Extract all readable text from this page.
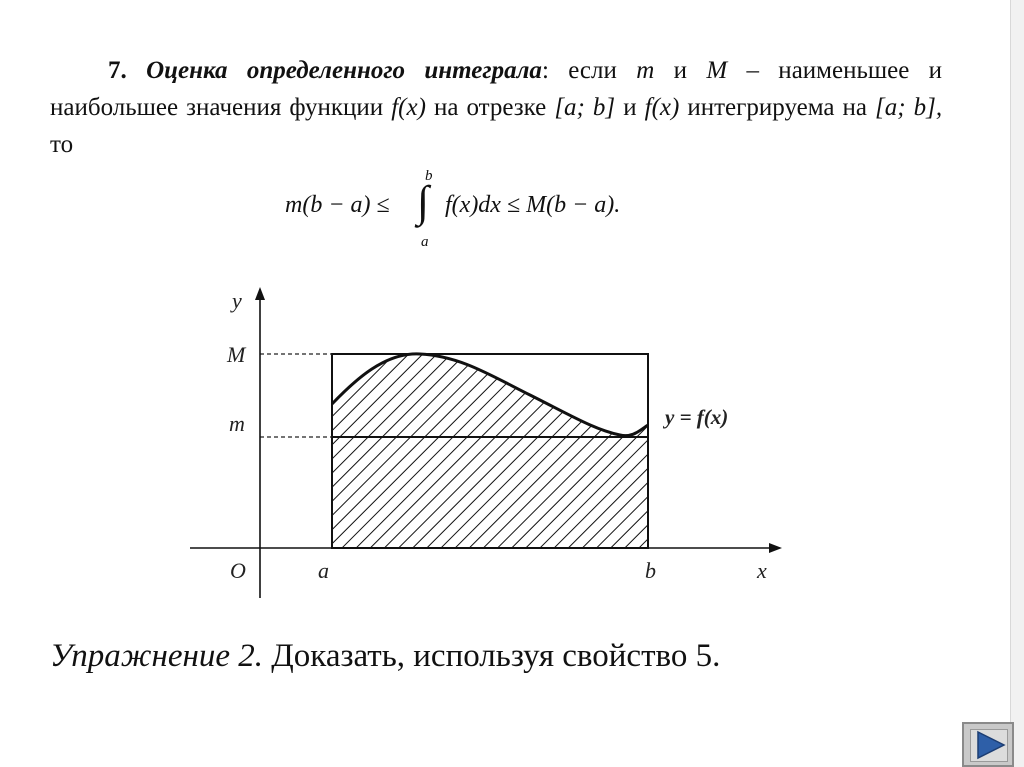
7. Оценка определенного интеграла: если m и M – наименьшее и наибольшее значения функции f(x) на отрезке [a; b] и f(x) интегрируема на [a; b], то
m(b − a) ≤
b
∫
a
f(x)dx ≤ M(b − a).
y
x
O
M
m
a	b
y = f(x)
Упражнение 2. Доказать, используя свойство 5.
